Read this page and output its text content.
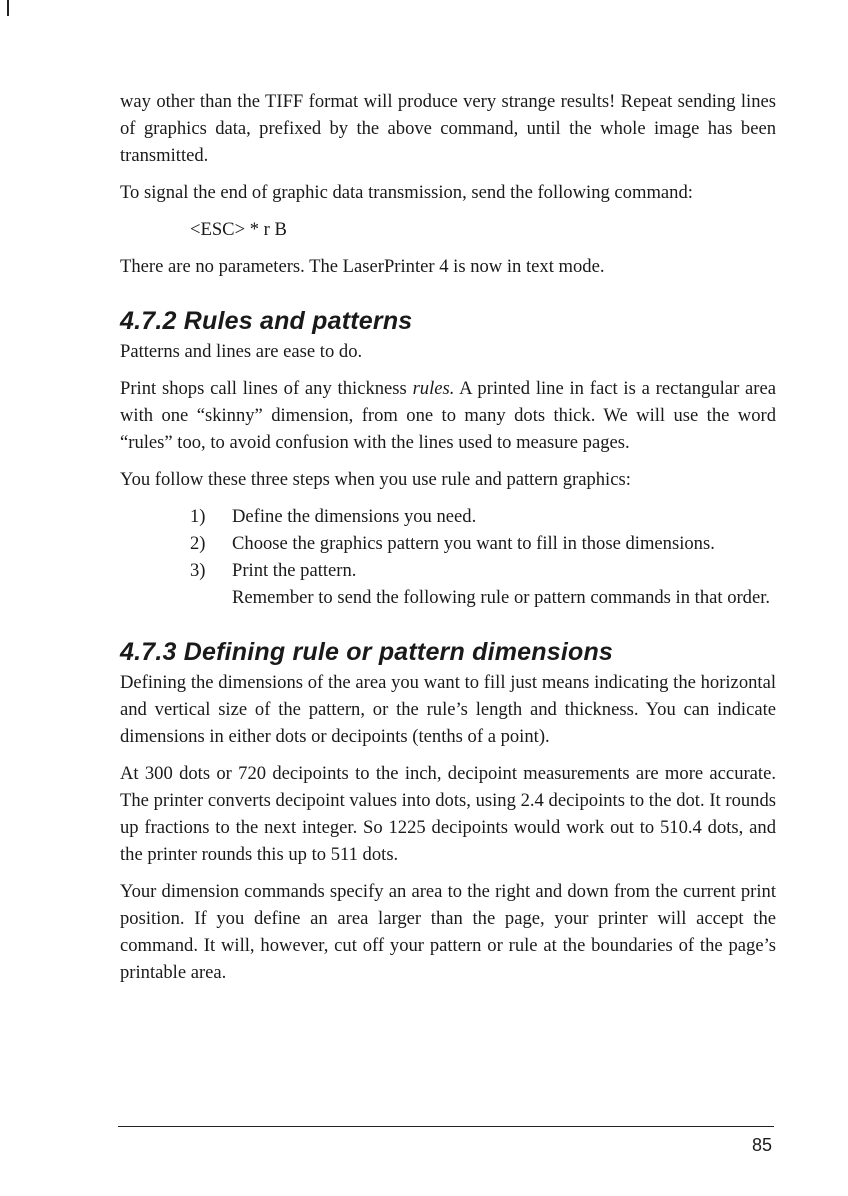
way other than the TIFF format will produce very strange results! Repeat sending lines of graphics data, prefixed by the above command, until the whole image has been transmitted.

To signal the end of graphic data transmission, send the following command:

<ESC> * r B

There are no parameters. The LaserPrinter 4 is now in text mode.

4.7.2 Rules and patterns

Patterns and lines are ease to do.

Print shops call lines of any thickness rules. A printed line in fact is a rectangular area with one “skinny” dimension, from one to many dots thick. We will use the word “rules” too, to avoid confusion with the lines used to measure pages.

You follow these three steps when you use rule and pattern graphics:

1)	Define the dimensions you need.
2)	Choose the graphics pattern you want to fill in those dimensions.
3)	Print the pattern.

Remember to send the following rule or pattern commands in that order.

4.7.3 Defining rule or pattern dimensions

Defining the dimensions of the area you want to fill just means indicating the horizontal and vertical size of the pattern, or the rule’s length and thickness. You can indicate dimensions in either dots or decipoints (tenths of a point).

At 300 dots or 720 decipoints to the inch, decipoint measurements are more accurate. The printer converts decipoint values into dots, using 2.4 decipoints to the dot. It rounds up fractions to the next integer. So 1225 decipoints would work out to 510.4 dots, and the printer rounds this up to 511 dots.

Your dimension commands specify an area to the right and down from the current print position. If you define an area larger than the page, your printer will accept the command. It will, however, cut off your pattern or rule at the boundaries of the page’s printable area.

85
